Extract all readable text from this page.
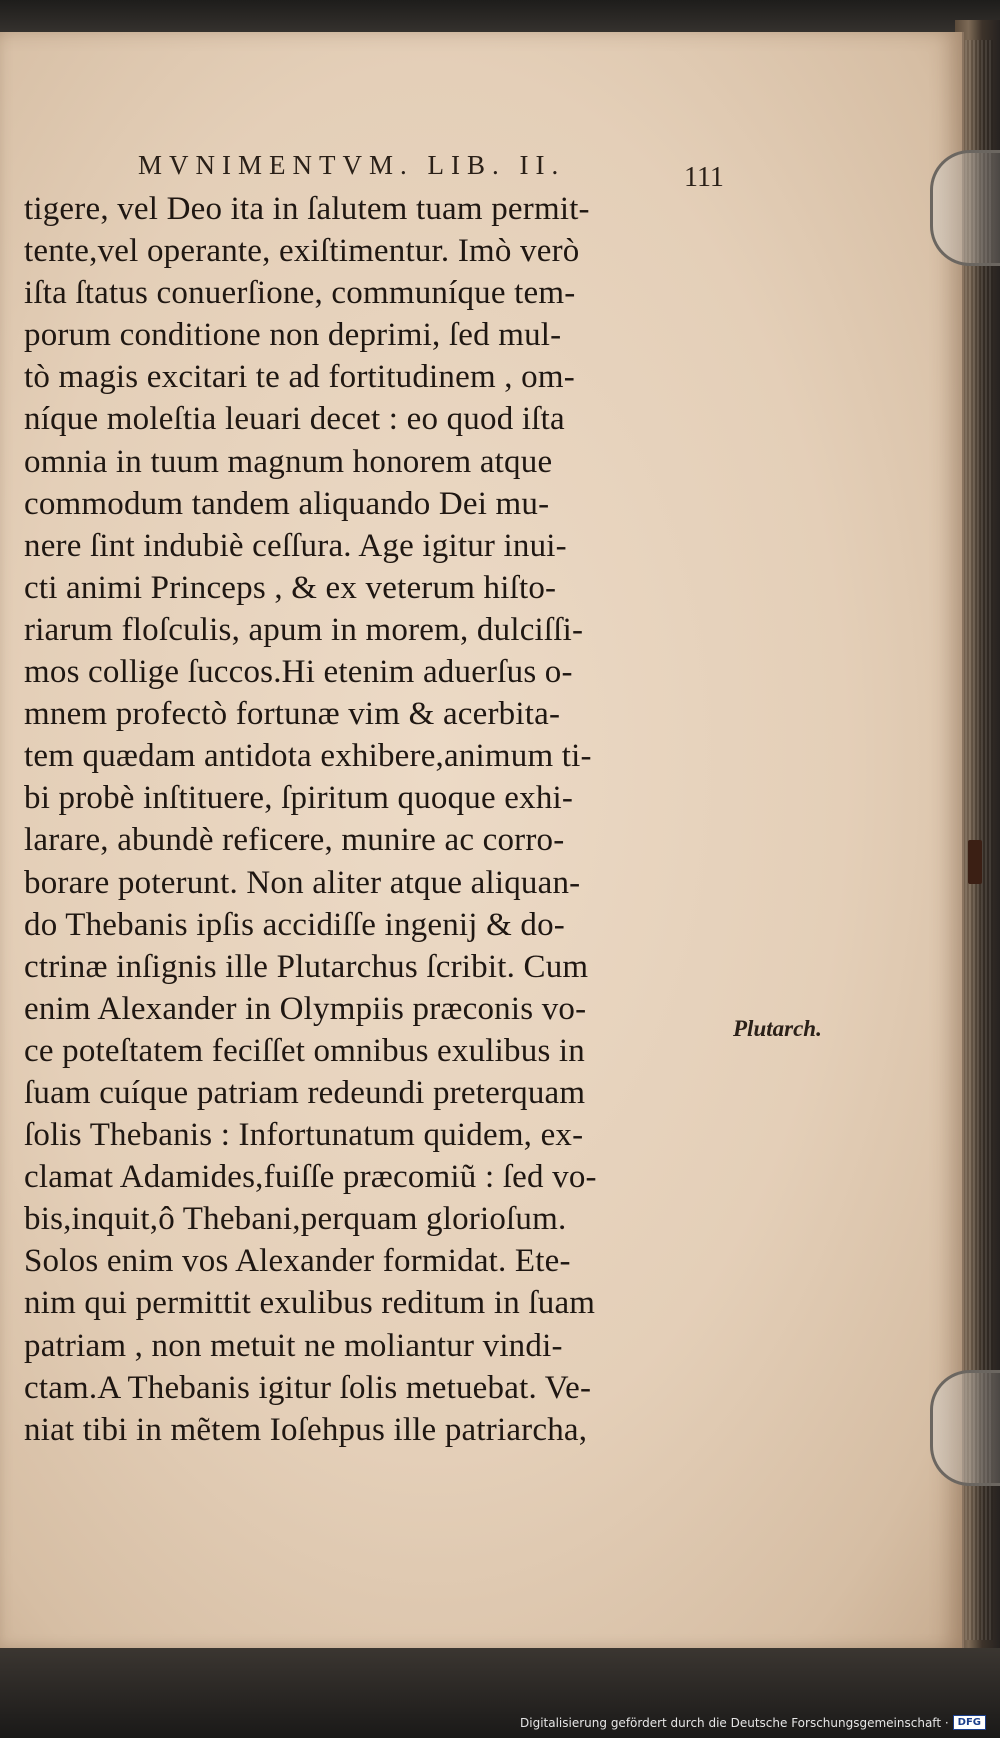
MVNIMENTVM. LIB. II.	111
tigere, vel Deo ita in ſalutem tuam permit-
tente,vel operante, exiſtimentur. Imò verò
iſta ſtatus conuerſione, communíque tem-
porum conditione non deprimi, ſed mul-
tò magis excitari te ad fortitudinem , om-
níque moleſtia leuari decet : eo quod iſta
omnia in tuum magnum honorem atque
commodum tandem aliquando Dei mu-
nere ſint indubiè ceſſura. Age igitur inui-
cti animi Princeps , & ex veterum hiſto-
riarum floſculis, apum in morem, dulciſſi-
mos collige ſuccos.Hi etenim aduerſus o-
mnem profectò fortunæ vim & acerbita-
tem quædam antidota exhibere,animum ti-
bi probè inſtituere, ſpiritum quoque exhi-
larare, abundè reficere, munire ac corro-
borare poterunt. Non aliter atque aliquan-
do Thebanis ipſis accidiſſe ingenij & do-
ctrinæ inſignis ille Plutarchus ſcribit. Cum
enim Alexander in Olympiis præconis vo-
ce poteſtatem feciſſet omnibus exulibus in
ſuam cuíque patriam redeundi preterquam
ſolis Thebanis : Infortunatum quidem, ex-
clamat Adamides,fuiſſe præcomiũ : ſed vo-
bis,inquit,ô Thebani,perquam glorioſum.
Solos enim vos Alexander formidat. Ete-
nim qui permittit exulibus reditum in ſuam
patriam , non metuit ne moliantur vindi-
ctam.A Thebanis igitur ſolis metuebat. Ve-
niat tibi in mẽtem Ioſehpus ille patriarcha,
Plutarch.
Digitalisierung gefördert durch die Deutsche Forschungsgemeinschaft · DFG
